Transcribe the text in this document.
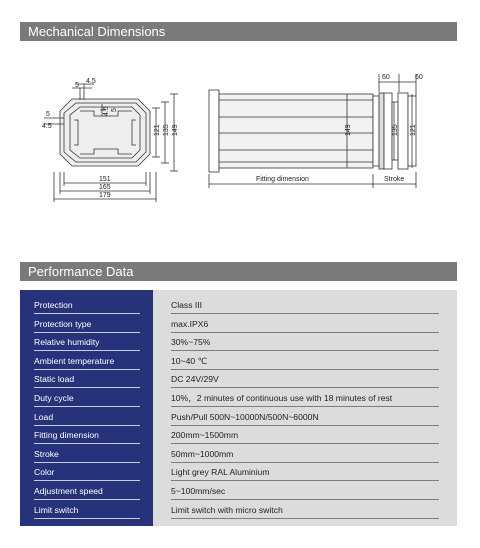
Mechanical Dimensions
5
4.5
5
4.5
4.5 5
121 135 149
151
165
179
60	60
149	135 121
Fitting dimension	Stroke
Performance Data
Protection	Class III
Protection type	max.IPX6
Relative humidity	30%~75%
Ambient temperature	10~40 ℃
Static load	DC 24V/29V
Duty cycle	10%，2 minutes of continuous use with 18 minutes of rest
Load	Push/Pull 500N~10000N/500N~6000N
Fitting dimension	200mm~1500mm
Stroke	50mm~1000mm
Color	Light grey RAL Aluminium
Adjustment speed	5~100mm/sec
Limit switch	Limit switch with micro switch
